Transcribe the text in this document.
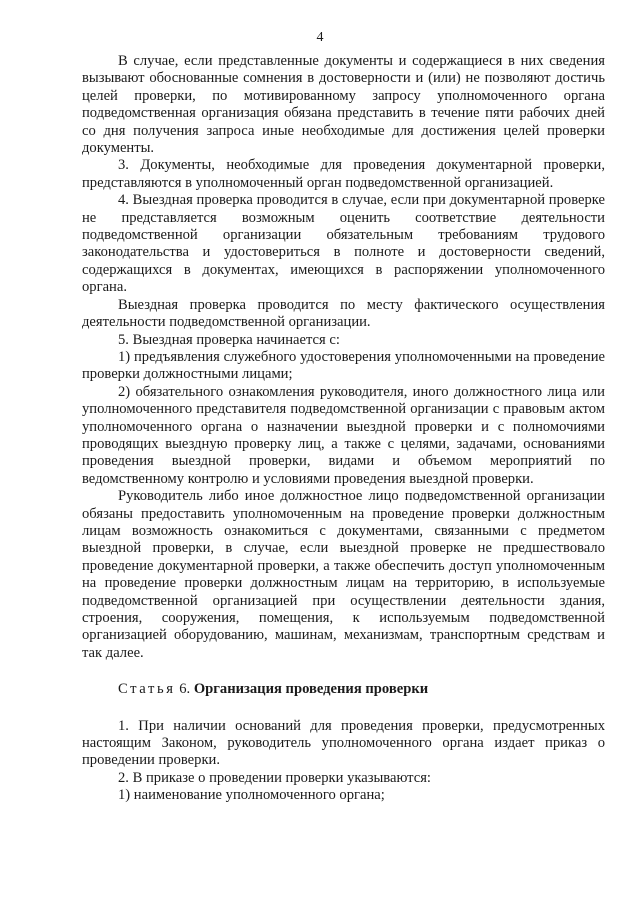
4

В случае, если представленные документы и содержащиеся в них сведения вызывают обоснованные сомнения в достоверности и (или) не позволяют достичь целей проверки, по мотивированному запросу уполномоченного органа подведомственная организация обязана представить в течение пяти рабочих дней со дня получения запроса иные необходимые для достижения целей проверки документы.

3. Документы, необходимые для проведения документарной проверки, представляются в уполномоченный орган подведомственной организацией.

4. Выездная проверка проводится в случае, если при документарной проверке не представляется возможным оценить соответствие деятельности подведомственной организации обязательным требованиям трудового законодательства и удостовериться в полноте и достоверности сведений, содержащихся в документах, имеющихся в распоряжении уполномоченного органа.

Выездная проверка проводится по месту фактического осуществления деятельности подведомственной организации.

5. Выездная проверка начинается с:

1) предъявления служебного удостоверения уполномоченными на проведение проверки должностными лицами;

2) обязательного ознакомления руководителя, иного должностного лица или уполномоченного представителя подведомственной организации с правовым актом уполномоченного органа о назначении выездной проверки и с полномочиями проводящих выездную проверку лиц, а также с целями, задачами, основаниями проведения выездной проверки, видами и объемом мероприятий по ведомственному контролю и условиями проведения выездной проверки.

Руководитель либо иное должностное лицо подведомственной организации обязаны предоставить уполномоченным на проведение проверки должностным лицам возможность ознакомиться с документами, связанными с предметом выездной проверки, в случае, если выездной проверке не предшествовало проведение документарной проверки, а также обеспечить доступ уполномоченным на проведение проверки должностным лицам на территорию, в используемые подведомственной организацией при осуществлении деятельности здания, строения, сооружения, помещения, к используемым подведомственной организацией оборудованию, машинам, механизмам, транспортным средствам и так далее.

Статья 6. Организация проведения проверки

1. При наличии оснований для проведения проверки, предусмотренных настоящим Законом, руководитель уполномоченного органа издает приказ о проведении проверки.

2. В приказе о проведении проверки указываются:

1) наименование уполномоченного органа;
